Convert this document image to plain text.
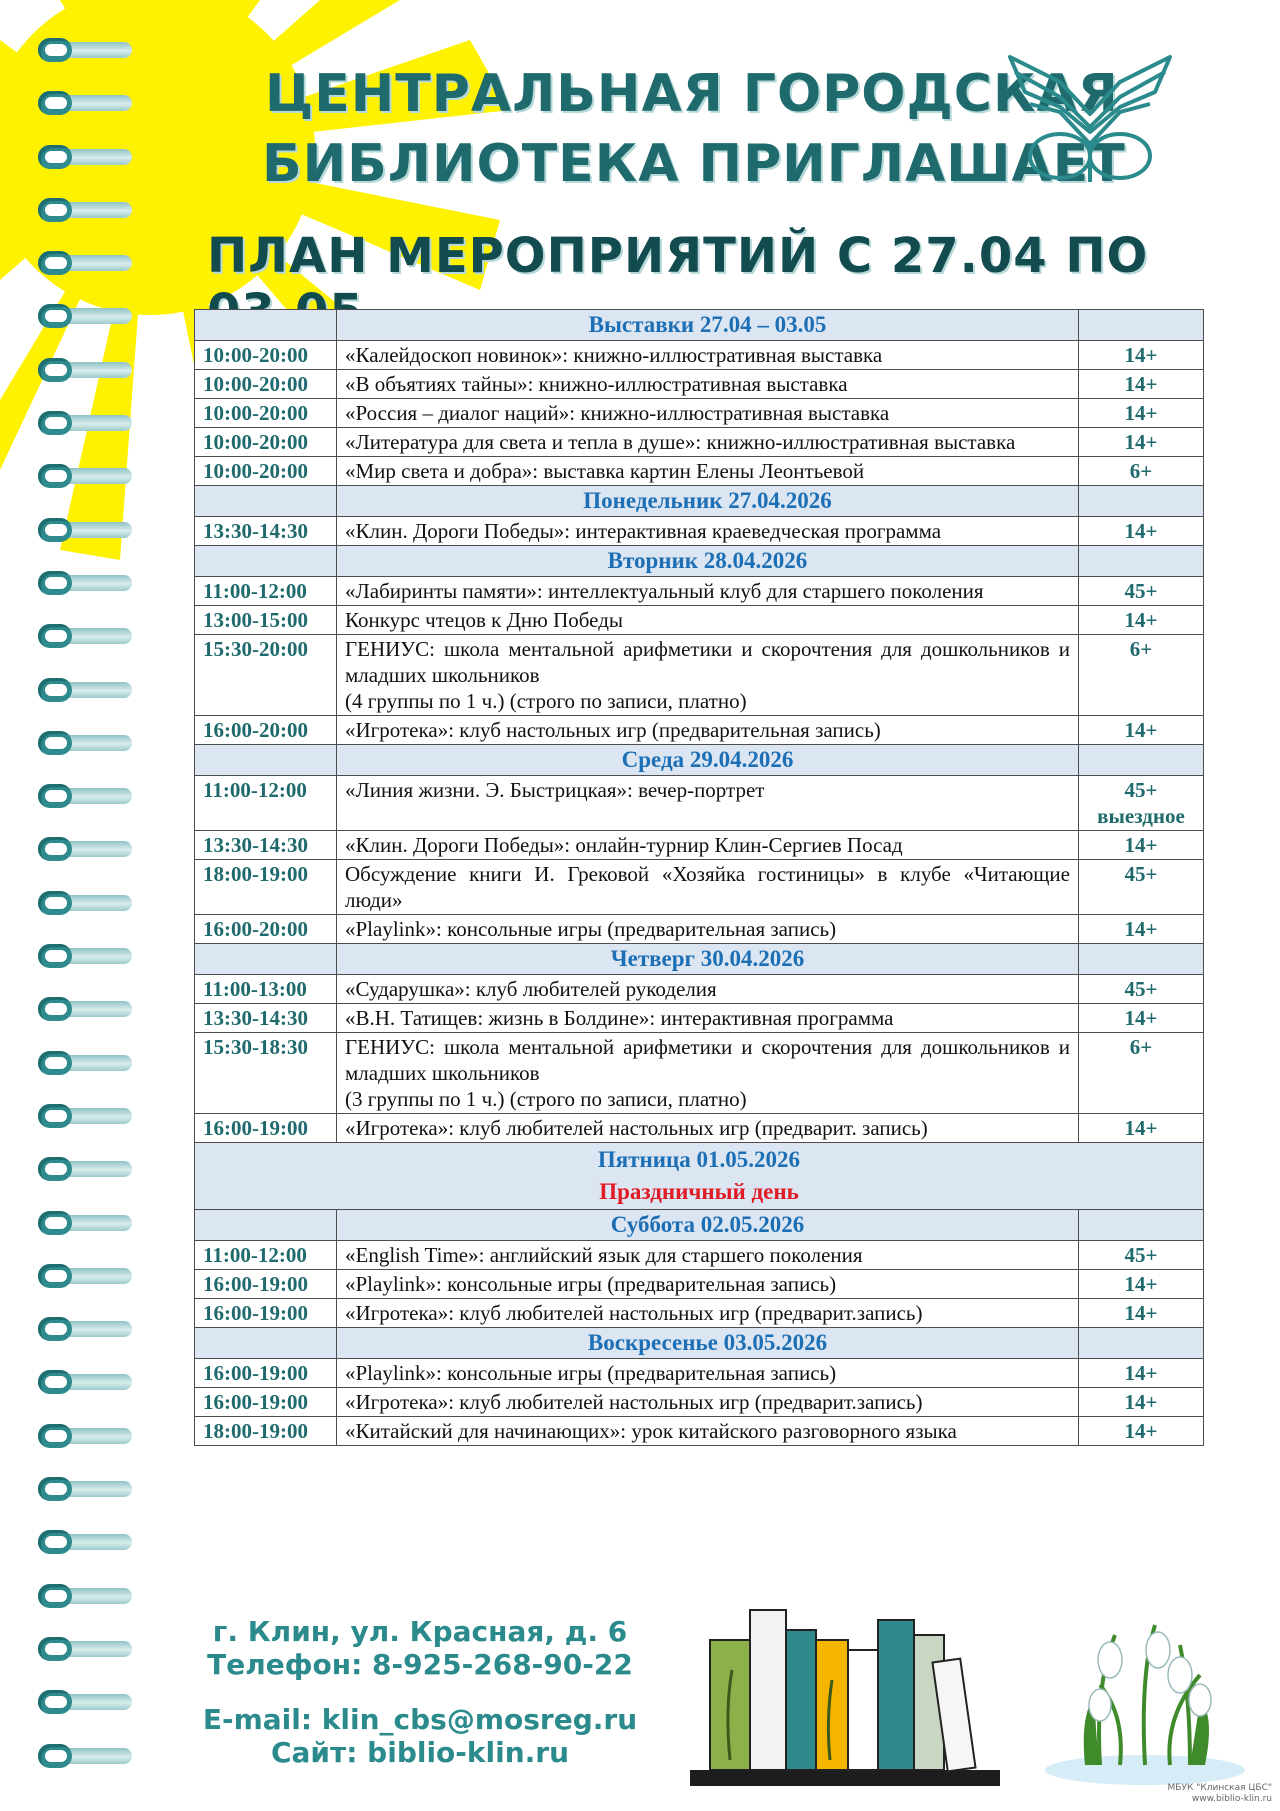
ЦЕНТРАЛЬНАЯ ГОРОДСКАЯ
БИБЛИОТЕКА ПРИГЛАШАЕТ
ПЛАН МЕРОПРИЯТИЙ С 27.04 ПО
	Выставки 27.04 – 03.05	
10:00-20:00	«Калейдоскоп новинок»: книжно-иллюстративная выставка	14+
10:00-20:00	«В объятиях тайны»: книжно-иллюстративная выставка	14+
10:00-20:00	«Россия – диалог наций»: книжно-иллюстративная выставка	14+
10:00-20:00	«Литература для света и тепла в душе»: книжно-иллюстративная выставка	14+
10:00-20:00	«Мир света и добра»: выставка картин Елены Леонтьевой	6+
	Понедельник 27.04.2026	
13:30-14:30	«Клин. Дороги Победы»: интерактивная краеведческая программа	14+
	Вторник 28.04.2026	
11:00-12:00	«Лабиринты памяти»: интеллектуальный клуб для старшего поколения	45+
13:00-15:00	Конкурс чтецов к Дню Победы	14+
15:30-20:00	ГЕНИУС: школа ментальной арифметики и скорочтения для дошкольников и младших школьников
(4 группы по 1 ч.) (строго по записи, платно)	6+
16:00-20:00	«Игротека»: клуб настольных игр (предварительная запись)	14+
	Среда 29.04.2026	
11:00-12:00	«Линия жизни. Э. Быстрицкая»: вечер-портрет	45+
выездное

13:30-14:30	«Клин. Дороги Победы»: онлайн-турнир Клин-Сергиев Посад	14+
18:00-19:00	Обсуждение книги И. Грековой «Хозяйка гостиницы» в клубе «Читающие люди»	45+
16:00-20:00	«Playlink»: консольные игры (предварительная запись)	14+
	Четверг 30.04.2026	
11:00-13:00	«Сударушка»: клуб любителей рукоделия	45+
13:30-14:30	«В.Н. Татищев: жизнь в Болдине»: интерактивная программа	14+
15:30-18:30	ГЕНИУС: школа ментальной арифметики и скорочтения для дошкольников и младших школьников
(3 группы по 1 ч.) (строго по записи, платно)	6+
16:00-19:00	«Игротека»: клуб любителей настольных игр (предварит. запись)	14+

Пятница 01.05.2026
Праздничный день		

	Суббота 02.05.2026	
11:00-12:00	«English Time»: английский язык для старшего поколения	45+
16:00-19:00	«Playlink»: консольные игры (предварительная запись)	14+
16:00-19:00	«Игротека»: клуб любителей настольных игр (предварит.запись)	14+
	Воскресенье 03.05.2026	
16:00-19:00	«Playlink»: консольные игры (предварительная запись)	14+
16:00-19:00	«Игротека»: клуб любителей настольных игр (предварит.запись)	14+
18:00-19:00	«Китайский для начинающих»: урок китайского разговорного языка	14+
г. Клин, ул. Красная, д. 6
Телефон: 8-925-268-90-22
E-mail: klin_cbs@mosreg.ru
Сайт: biblio-klin.ru
МБУК "Клинская ЦБС"
www.biblio-klin.ru
